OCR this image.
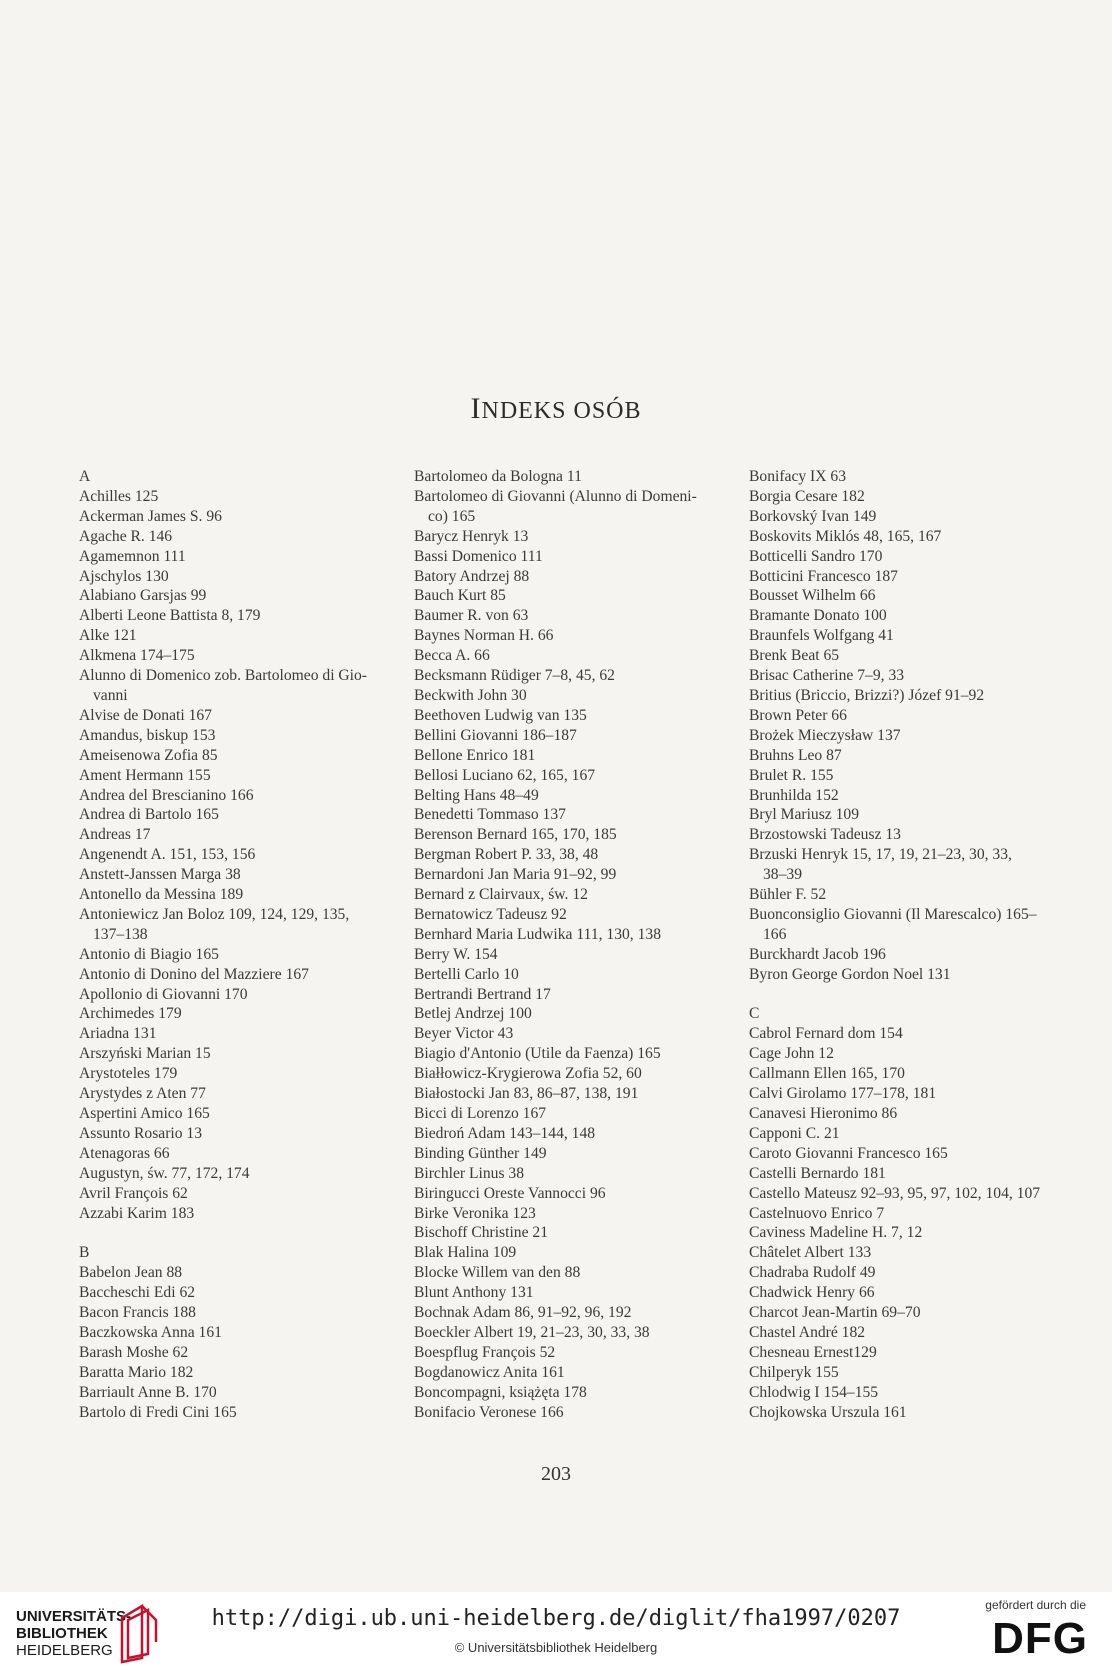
INDEKS OSÓB
A
Achilles 125
Ackerman James S. 96
Agache R. 146
Agamemnon 111
Ajschylos 130
Alabiano Garsjas 99
Alberti Leone Battista 8, 179
Alke 121
Alkmena 174–175
Alunno di Domenico zob. Bartolomeo di Gio-
vanni
Alvise de Donati 167
Amandus, biskup 153
Ameisenowa Zofia 85
Ament Hermann 155
Andrea del Brescianino 166
Andrea di Bartolo 165
Andreas 17
Angenendt A. 151, 153, 156
Anstett-Janssen Marga 38
Antonello da Messina 189
Antoniewicz Jan Boloz 109, 124, 129, 135,
137–138
Antonio di Biagio 165
Antonio di Donino del Mazziere 167
Apollonio di Giovanni 170
Archimedes 179
Ariadna 131
Arszyński Marian 15
Arystoteles 179
Arystydes z Aten 77
Aspertini Amico 165
Assunto Rosario 13
Atenagoras 66
Augustyn, św. 77, 172, 174
Avril François 62
Azzabi Karim 183
B
Babelon Jean 88
Baccheschi Edi 62
Bacon Francis 188
Baczkowska Anna 161
Barash Moshe 62
Baratta Mario 182
Barriault Anne B. 170
Bartolo di Fredi Cini 165
Bartolomeo da Bologna 11
Bartolomeo di Giovanni (Alunno di Domeni-
co) 165
Barycz Henryk 13
Bassi Domenico 111
Batory Andrzej 88
Bauch Kurt 85
Baumer R. von 63
Baynes Norman H. 66
Becca A. 66
Becksmann Rüdiger 7–8, 45, 62
Beckwith John 30
Beethoven Ludwig van 135
Bellini Giovanni 186–187
Bellone Enrico 181
Bellosi Luciano 62, 165, 167
Belting Hans 48–49
Benedetti Tommaso 137
Berenson Bernard 165, 170, 185
Bergman Robert P. 33, 38, 48
Bernardoni Jan Maria 91–92, 99
Bernard z Clairvaux, św. 12
Bernatowicz Tadeusz 92
Bernhard Maria Ludwika 111, 130, 138
Berry W. 154
Bertelli Carlo 10
Bertrandi Bertrand 17
Betlej Andrzej 100
Beyer Victor 43
Biagio d'Antonio (Utile da Faenza) 165
Białłowicz-Krygierowa Zofia 52, 60
Białostocki Jan 83, 86–87, 138, 191
Bicci di Lorenzo 167
Biedroń Adam 143–144, 148
Binding Günther 149
Birchler Linus 38
Biringucci Oreste Vannocci 96
Birke Veronika 123
Bischoff Christine 21
Blak Halina 109
Blocke Willem van den 88
Blunt Anthony 131
Bochnak Adam 86, 91–92, 96, 192
Boeckler Albert 19, 21–23, 30, 33, 38
Boespflug François 52
Bogdanowicz Anita 161
Boncompagni, książęta 178
Bonifacio Veronese 166
Bonifacy IX 63
Borgia Cesare 182
Borkovský Ivan 149
Boskovits Miklós 48, 165, 167
Botticelli Sandro 170
Botticini Francesco 187
Bousset Wilhelm 66
Bramante Donato 100
Braunfels Wolfgang 41
Brenk Beat 65
Brisac Catherine 7–9, 33
Britius (Briccio, Brizzi?) Józef 91–92
Brown Peter 66
Brożek Mieczysław 137
Bruhns Leo 87
Brulet R. 155
Brunhilda 152
Bryl Mariusz 109
Brzostowski Tadeusz 13
Brzuski Henryk 15, 17, 19, 21–23, 30, 33,
38–39
Bühler F. 52
Buonconsiglio Giovanni (Il Marescalco) 165–
166
Burckhardt Jacob 196
Byron George Gordon Noel 131
C
Cabrol Fernard dom 154
Cage John 12
Callmann Ellen 165, 170
Calvi Girolamo 177–178, 181
Canavesi Hieronimo 86
Capponi C. 21
Caroto Giovanni Francesco 165
Castelli Bernardo 181
Castello Mateusz 92–93, 95, 97, 102, 104, 107
Castelnuovo Enrico 7
Caviness Madeline H. 7, 12
Châtelet Albert 133
Chadraba Rudolf 49
Chadwick Henry 66
Charcot Jean-Martin 69–70
Chastel André 182
Chesneau Ernest129
Chilperyk 155
Chlodwig I 154–155
Chojkowska Urszula 161
203
UNIVERSITÄTS-
BIBLIOTHEK
HEIDELBERG
http://digi.ub.uni-heidelberg.de/diglit/fha1997/0207
© Universitätsbibliothek Heidelberg
gefördert durch die
DFG
